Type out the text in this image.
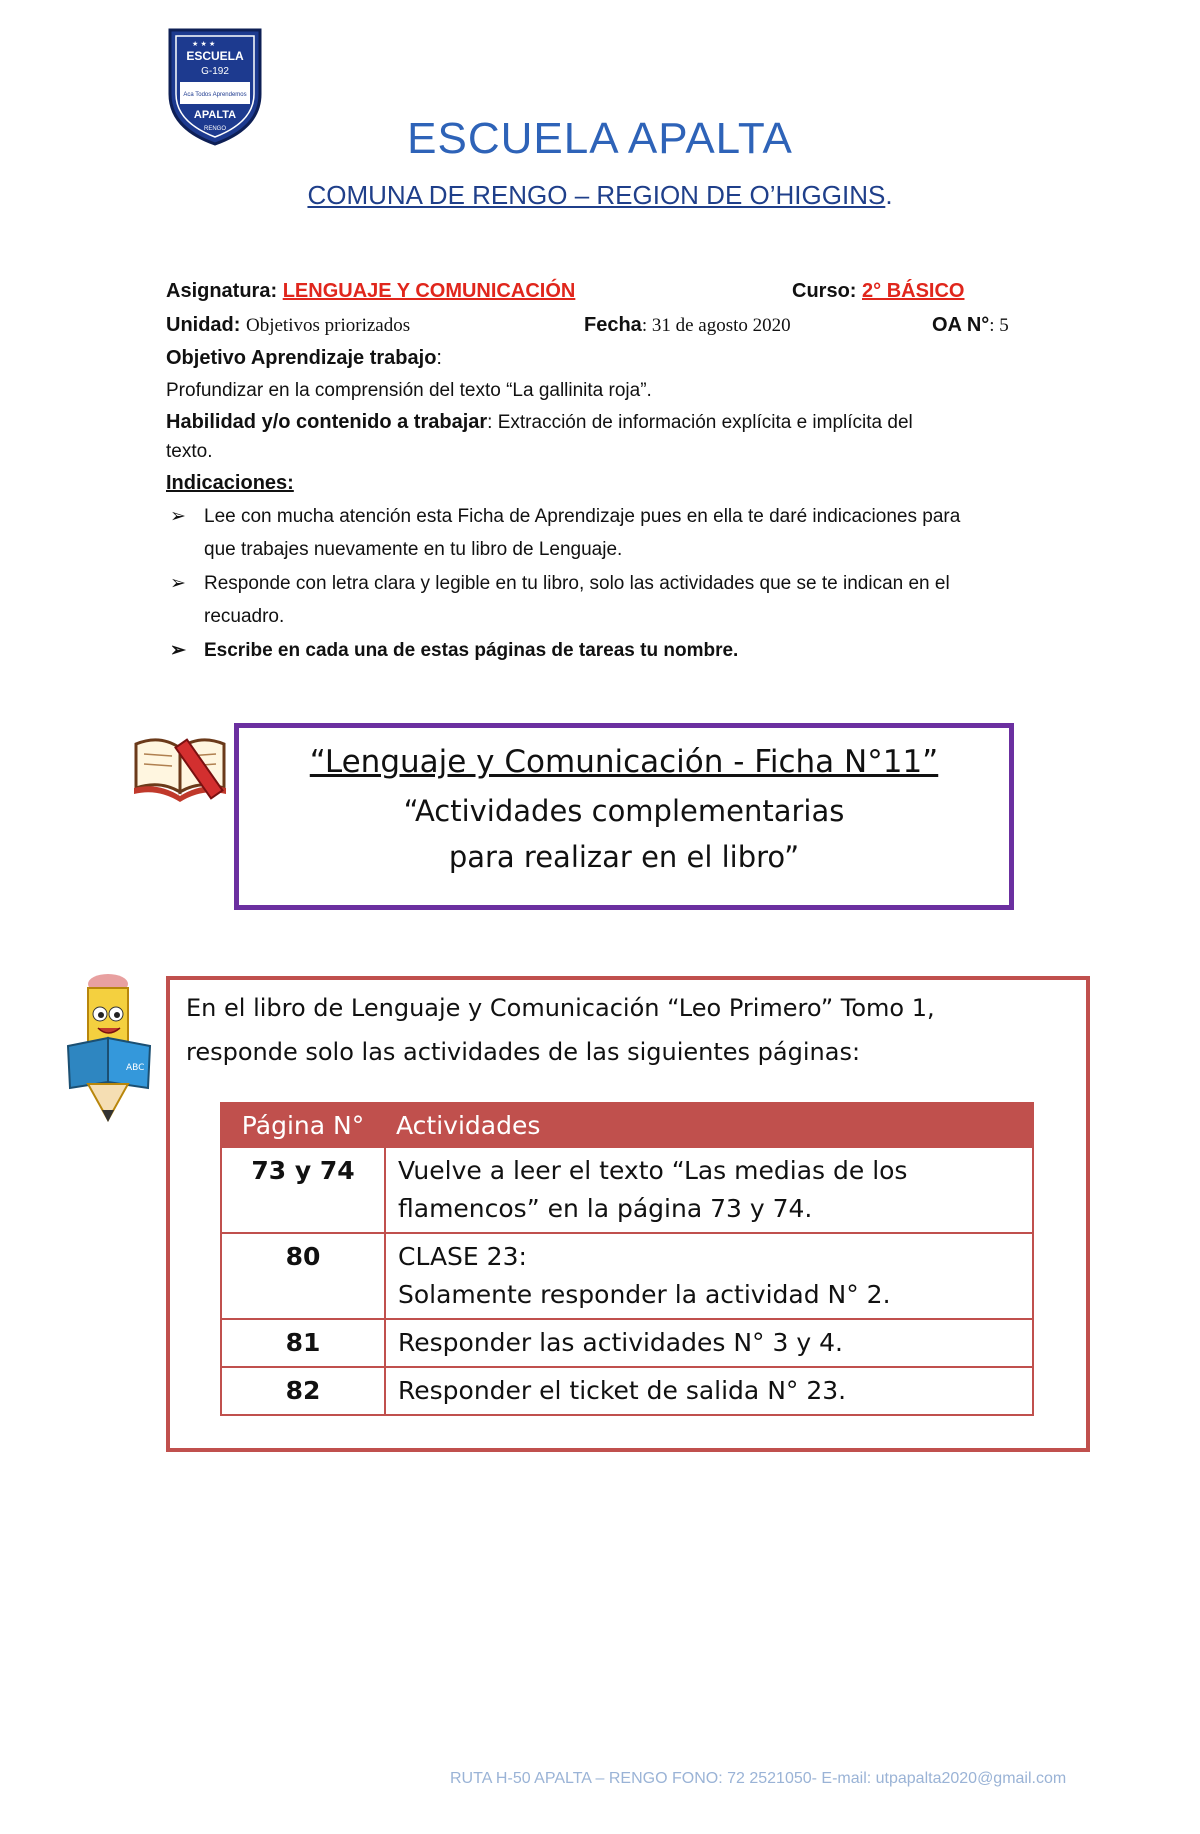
★ ★ ★
ESCUELA
G-192
Aca Todos Aprendemos
APALTA
RENGO	ESCUELA APALTA
COMUNA DE RENGO – REGION DE O’HIGGINS.
Asignatura: LENGUAJE Y COMUNICACIÓN	Curso: 2° BÁSICO
Unidad: Objetivos priorizados	Fecha: 31 de agosto 2020	OA N°: 5
Objetivo Aprendizaje trabajo:
Profundizar en la comprensión del texto “La gallinita roja”.
Habilidad y/o contenido a trabajar: Extracción de información explícita e implícita del
texto.
Indicaciones:
➢ Lee con mucha atención esta Ficha de Aprendizaje pues en ella te daré indicaciones para
que trabajes nuevamente en tu libro de Lenguaje.
➢ Responde con letra clara y legible en tu libro, solo las actividades que se te indican en el
recuadro.
➢ Escribe en cada una de estas páginas de tareas tu nombre.
“Lenguaje y Comunicación - Ficha N°11”
“Actividades complementarias
para realizar en el libro”
ABC
En el libro de Lenguaje y Comunicación “Leo Primero” Tomo 1,
responde solo las actividades de las siguientes páginas:
Página N°	Actividades
73 y 74	Vuelve a leer el texto “Las medias de los
flamencos” en la página 73 y 74.

80	CLASE 23:
Solamente responder la actividad N° 2.

81	Responder las actividades N° 3 y 4.

82	Responder el ticket de salida N° 23.
RUTA H-50 APALTA – RENGO FONO: 72 2521050- E-mail: utpapalta2020@gmail.com
